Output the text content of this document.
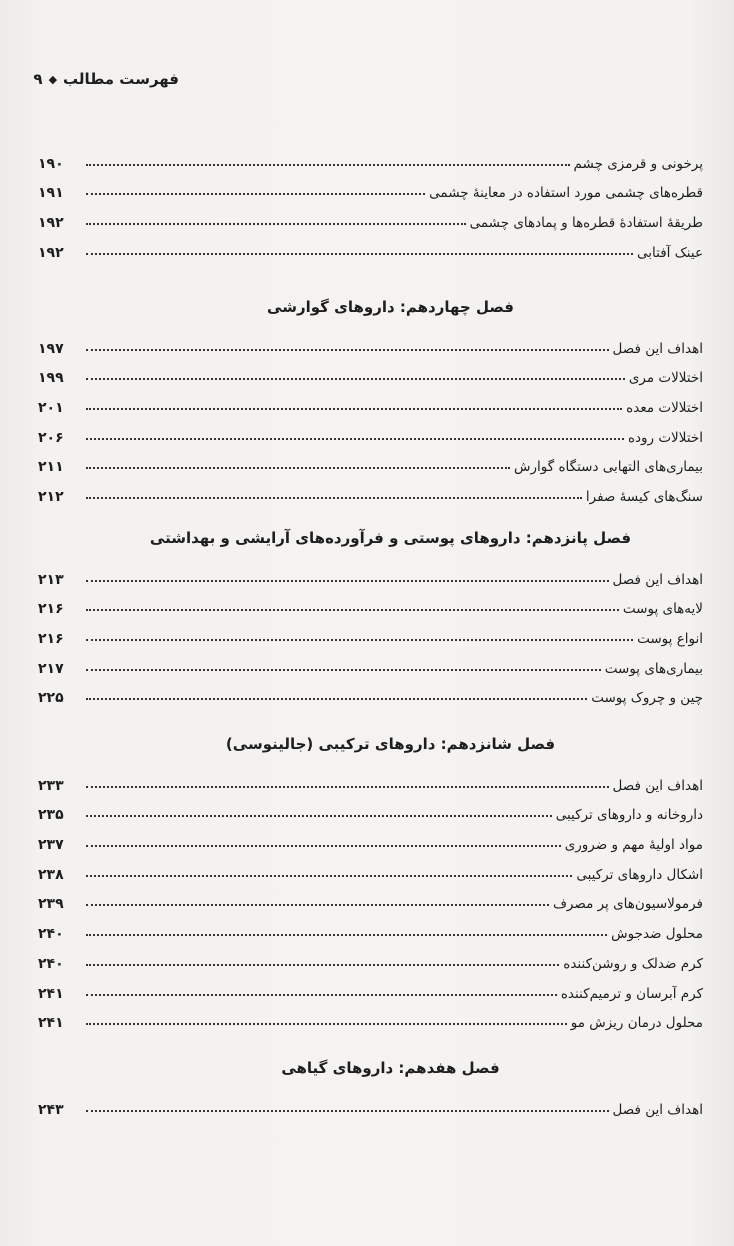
فهرست مطالب
◆
۹
پرخونی و قرمزی چشم
۱۹۰
قطره‌های چشمی مورد استفاده در معاینهٔ چشمی
۱۹۱
طریقهٔ استفادهٔ قطره‌ها و پمادهای چشمی
۱۹۲
عینک آفتابی
۱۹۲
فصل چهاردهم: داروهای گوارشی
اهداف این فصل
۱۹۷
اختلالات مری
۱۹۹
اختلالات معده
۲۰۱
اختلالات روده
۲۰۶
بیماری‌های التهابی دستگاه گوارش
۲۱۱
سنگ‌های کیسهٔ صفرا
۲۱۲
فصل پانزدهم: داروهای پوستی و فرآورده‌های آرایشی و بهداشتی
اهداف این فصل
۲۱۳
لایه‌های پوست
۲۱۶
انواع پوست
۲۱۶
بیماری‌های پوست
۲۱۷
چین و چروک پوست
۲۲۵
فصل شانزدهم: داروهای ترکیبی (جالینوسی)
اهداف این فصل
۲۳۳
داروخانه و داروهای ترکیبی
۲۳۵
مواد اولیهٔ مهم و ضروری
۲۳۷
اشکال داروهای ترکیبی
۲۳۸
فرمولاسیون‌های پر مصرف
۲۳۹
محلول ضدجوش
۲۴۰
کرم ضدلک و روشن‌کننده
۲۴۰
کرم آبرسان و ترمیم‌کننده
۲۴۱
محلول درمان ریزش مو
۲۴۱
فصل هفدهم: داروهای گیاهی
اهداف این فصل
۲۴۳
